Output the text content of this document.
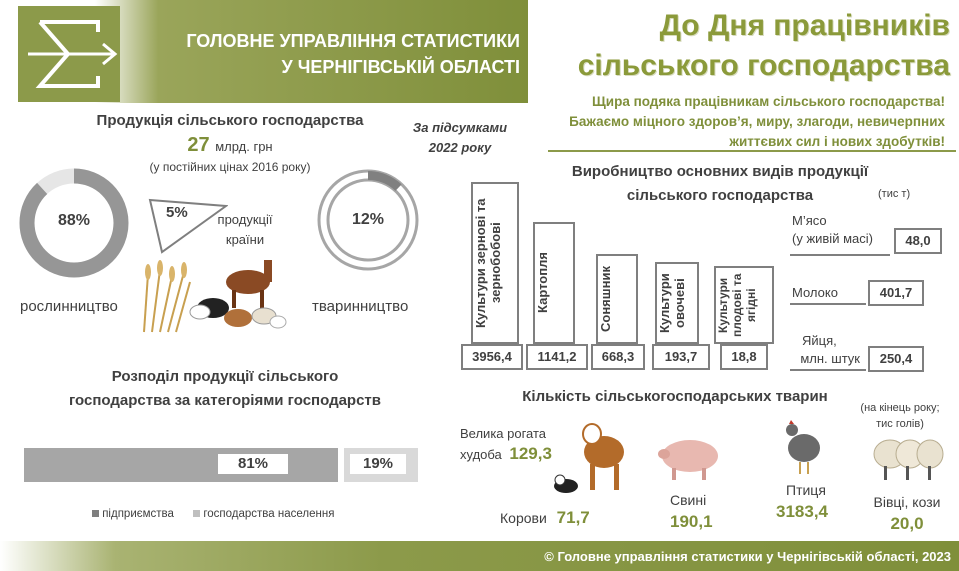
ГОЛОВНЕ УПРАВЛІННЯ СТАТИСТИКИ
У ЧЕРНІГІВСЬКІЙ ОБЛАСТІ
До Дня працівників
сільського господарства
Щира подяка працівникам сільського господарства!
Бажаємо міцного здоров’я, миру, злагоди, невичерпних
життєвих сил і нових здобутків!
Продукція сільського господарства
27 млрд. грн
(у постійних цінах 2016 року)
За підсумками
2022 року
88%
рослинництво
5%	продукції
країни
12%
тваринництво
Розподіл продукції сільського
господарства за категоріями господарств
81%	19%
підприємства	господарства населення
Виробництво основних видів продукції
сільського господарства	(тис т)
Культури зернові та зернобобові
3956,4
Картопля
1141,2
Соняшник
668,3
Культури овочеві
193,7
Культури плодові та ягідні
18,8
М’ясо
(у живій масі)	48,0
Молоко	401,7
Яйця,
млн. штук	250,4
Кількість сільськогосподарських тварин
(на кінець року;
тис голів)
Велика рогата
худоба 129,3
Корови 71,7
Свині
190,1
Птиця
3183,4	Вівці, кози
20,0
© Головне управління статистики у Чернігівській області, 2023
